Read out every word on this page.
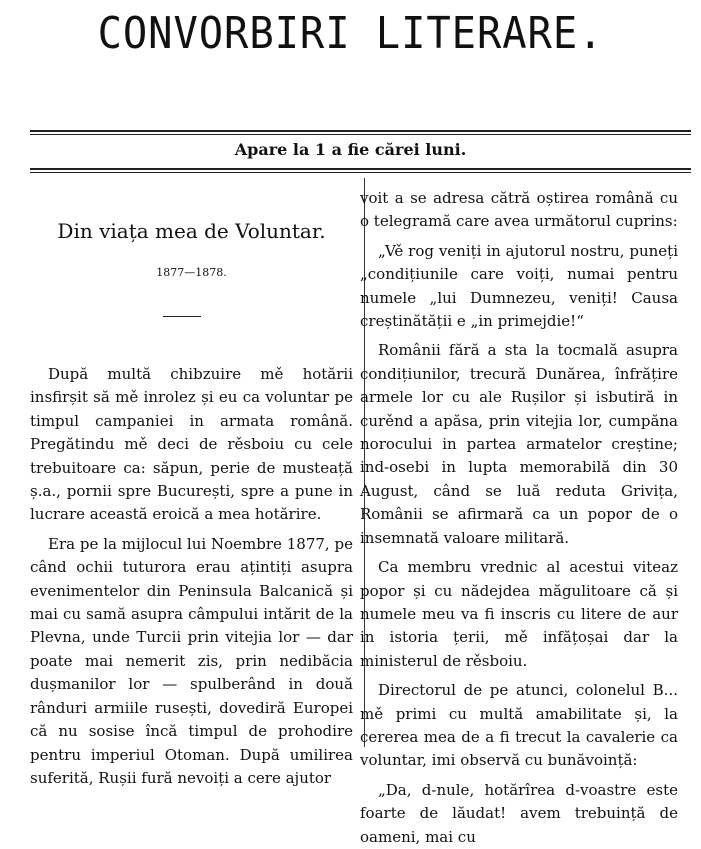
CONVORBIRI LITERARE.
Apare la 1 a fie cărei luni.
Din viața mea de Voluntar.
1877—1878.

După multă chibzuire mě hotării insfirșit să mě inrolez și eu ca voluntar pe timpul campaniei in armata română. Pregătindu mě deci de rěsboiu cu cele trebuitoare ca: săpun, perie de musteață ș.a., pornii spre București, spre a pune in lucrare această eroică a mea hotărire.

Era pe la mijlocul lui Noembre 1877, pe când ochii tuturora erau ațintiți asupra evenimentelor din Peninsula Balcanică și mai cu samă asupra câmpului intărit de la Plevna, unde Turcii prin vitejia lor — dar poate mai nemerit zis, prin nedibăcia dușmanilor lor — spulberând in două rânduri armiile rusești, dovediră Europei că nu sosise încă timpul de prohodire pentru imperiul Otoman. După umilirea suferită, Rușii fură nevoiți a cere ajutor

voit a se adresa cătră oștirea română cu o telegramă care avea următorul cuprins:

„Vě rog veniți in ajutorul nostru, puneți „condițiunile care voiți, numai pentru numele „lui Dumnezeu, veniți! Causa creștinătății e „in primejdie!“

Românii fără a sta la tocmală asupra condițiunilor, trecură Dunărea, înfrățire armele lor cu ale Rușilor și isbutiră in curěnd a apăsa, prin vitejia lor, cumpăna norocului in partea armatelor creștine; ind-osebi in lupta memorabilă din 30 August, când se luă reduta Grivița, Românii se afirmară ca un popor de o insemnată valoare militară.

Ca membru vrednic al acestui viteaz popor și cu nădejdea măgulitoare că și numele meu va fi inscris cu litere de aur in istoria țerii, mě infățoșai dar la ministerul de rěsboiu.

Directorul de pe atunci, colonelul B... mě primi cu multă amabilitate și, la cererea mea de a fi trecut la cavalerie ca voluntar, imi observă cu bunăvoință:

„Da, d-nule, hotărîrea d-voastre este foarte de lăudat! avem trebuință de oameni, mai cu
